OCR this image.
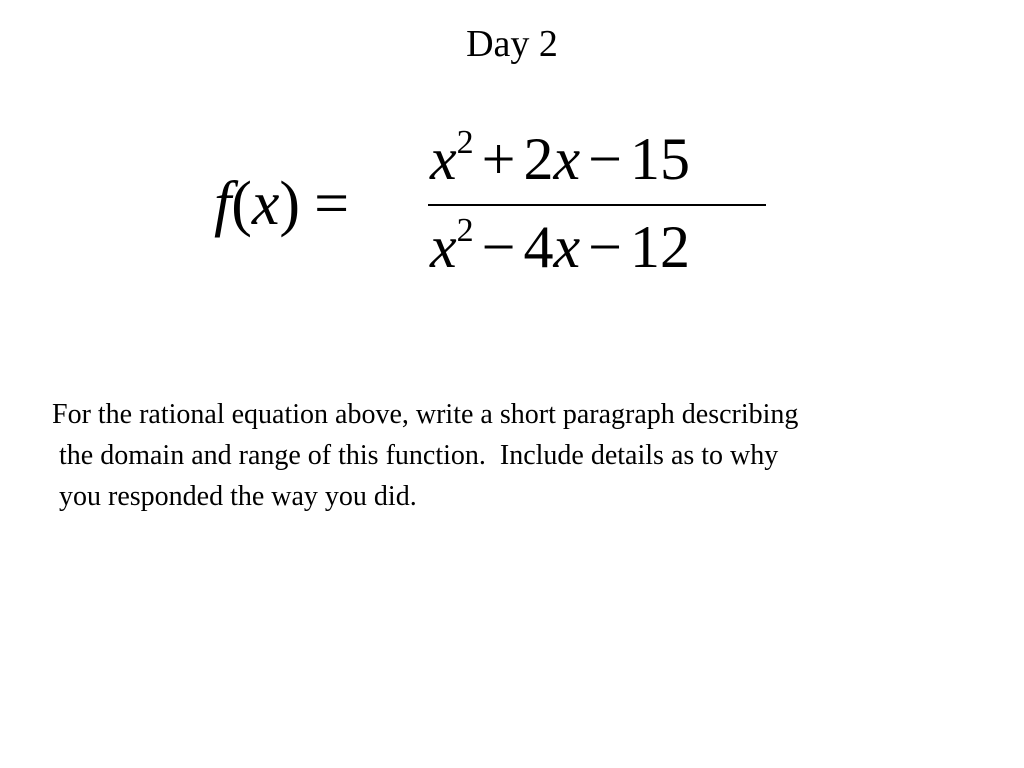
Day 2
f(x) =
$x^2 + 2x - 15$
$x^2 - 4x - 12$
For the rational equation above, write a short paragraph describing
the domain and range of this function.  Include details as to why
you responded the way you did.
